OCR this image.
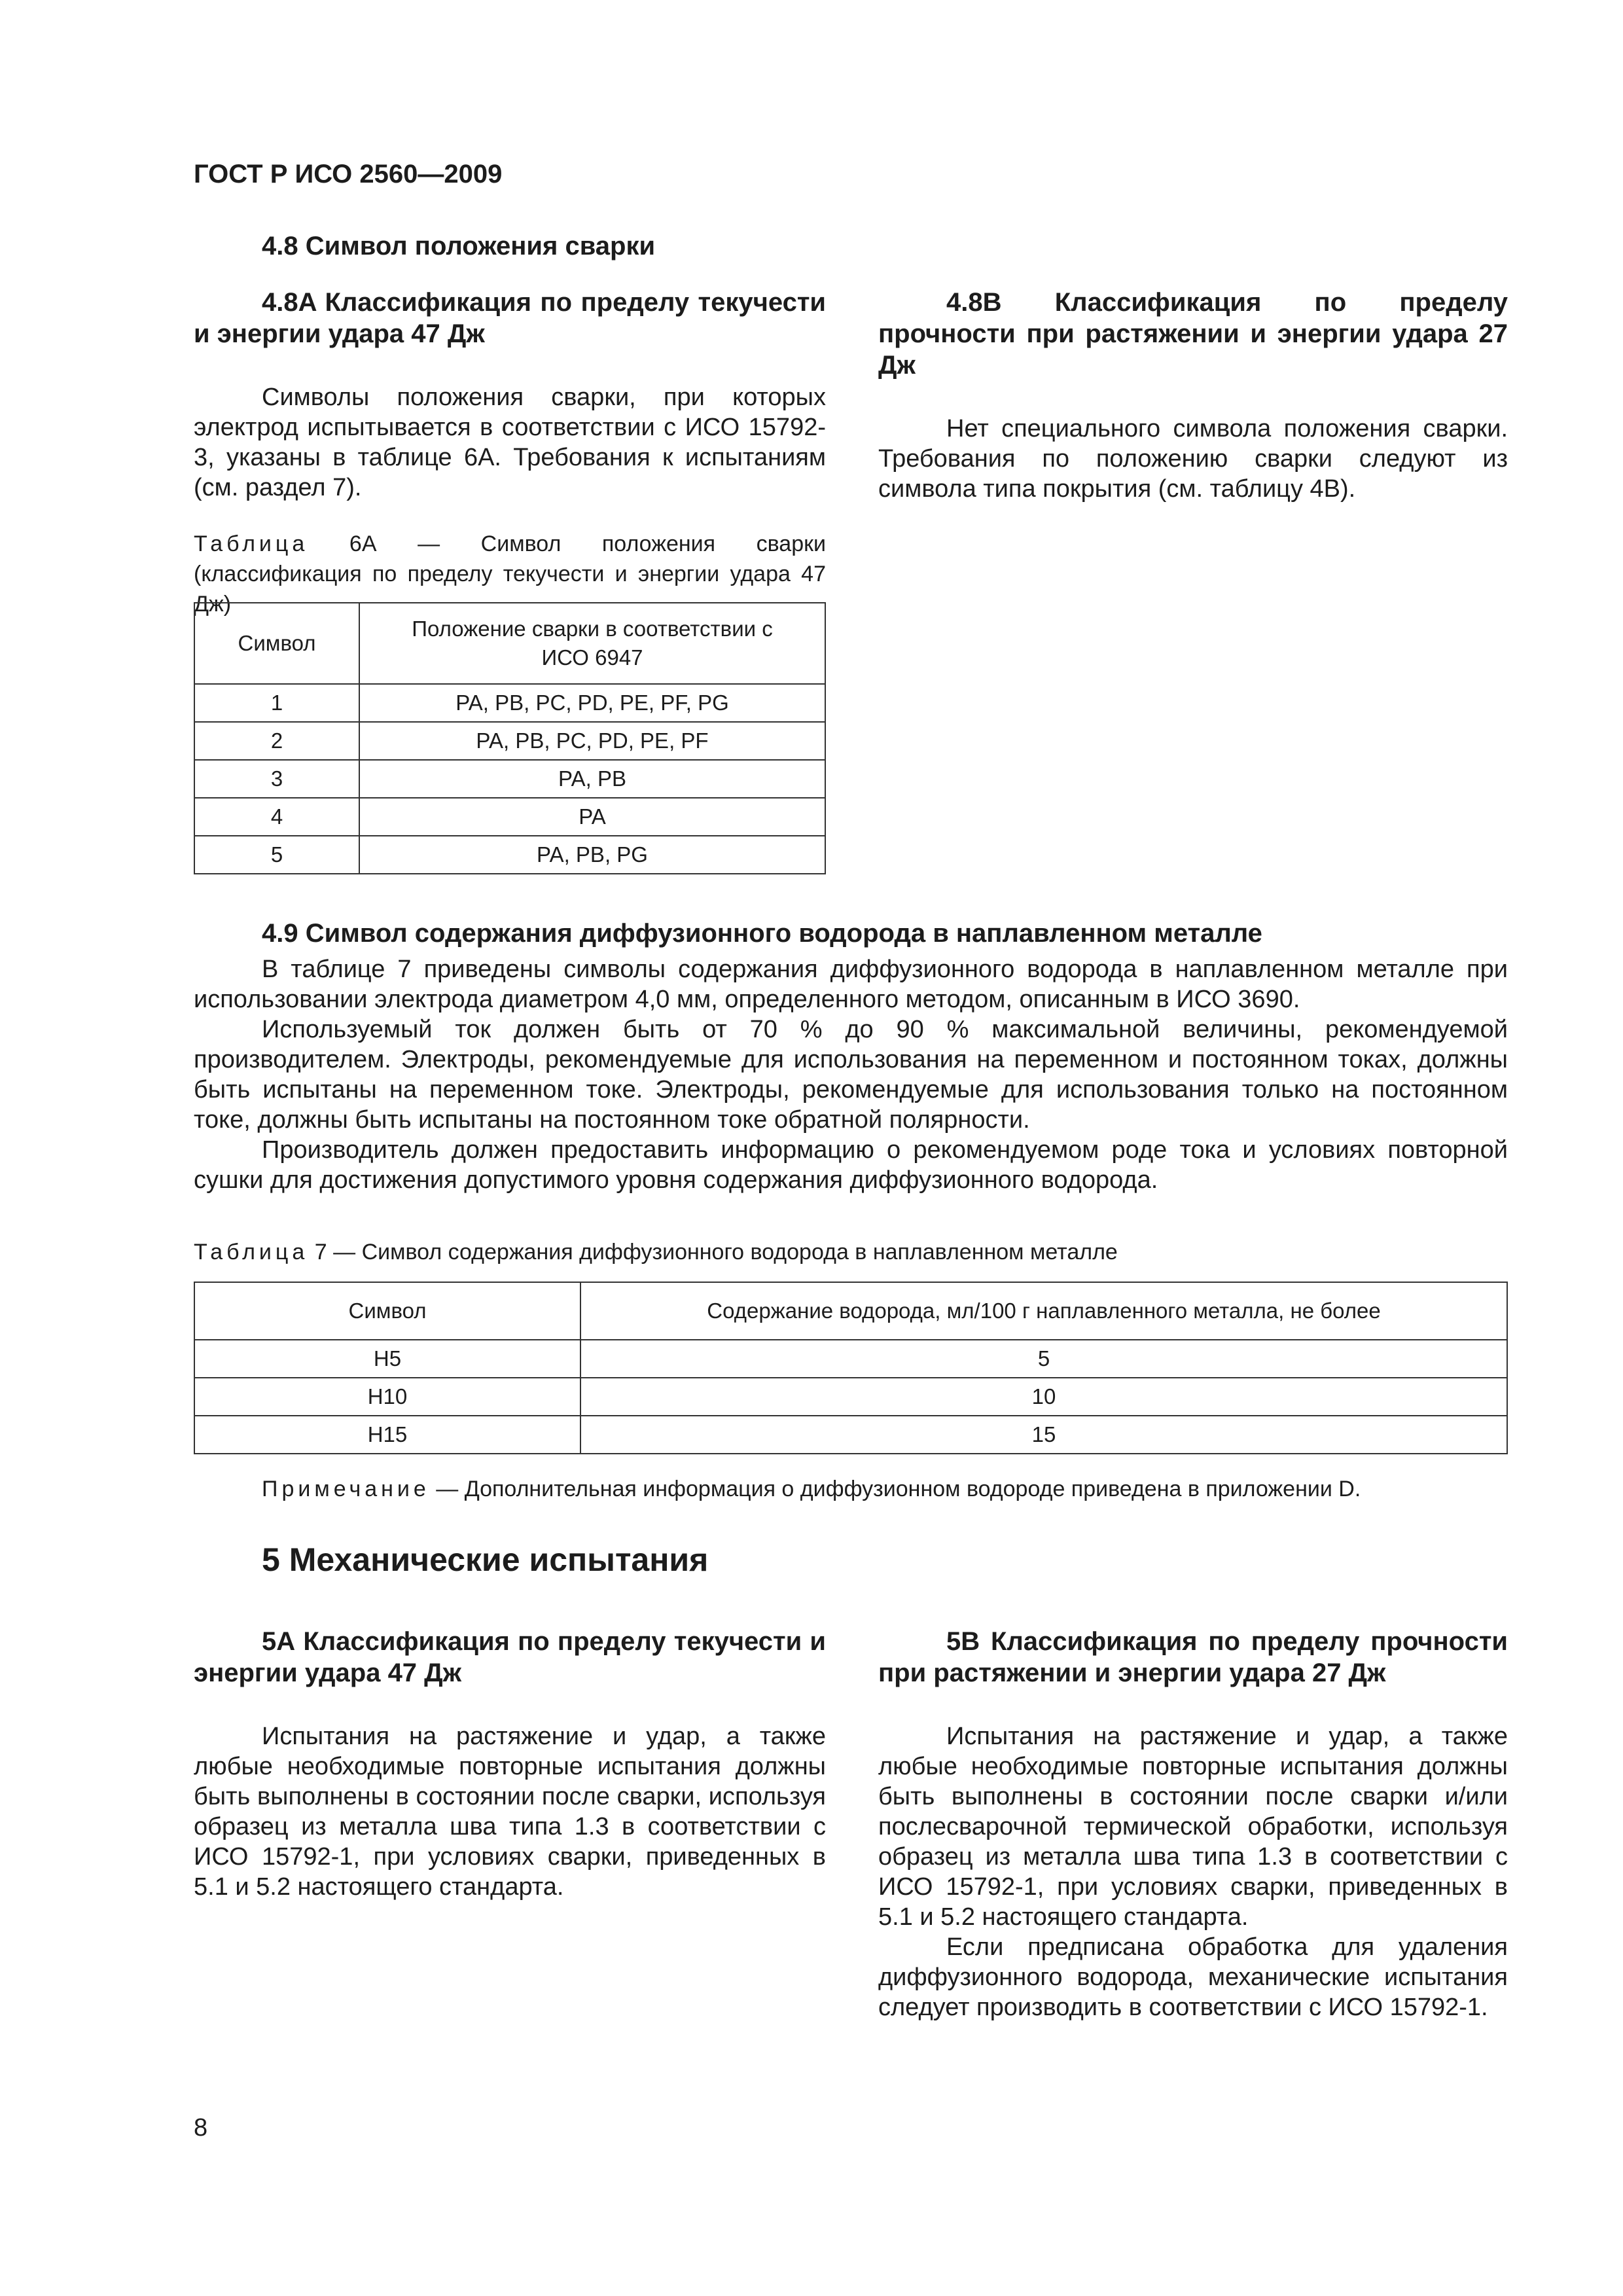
ГОСТ Р ИСО 2560—2009
4.8 Символ положения сварки

4.8A Классификация по пределу текучести и энергии удара 47 Дж

Символы положения сварки, при которых электрод испытывается в соответствии с ИСО 15792-3, указаны в таблице 6А. Требования к испытаниям (см. раздел 7).

4.8B Классификация по пределу прочности при растяжении и энергии удара 27 Дж

Нет специального символа положения сварки. Требования по положению сварки следуют из символа типа покрытия (см. таблицу 4В).

Таблица 6А — Символ положения сварки (классификация по пределу текучести и энергии удара 47 Дж)

Символ	Положение сварки в соответствии с ИСО 6947
1	PA, PB, PC, PD, PE, PF, PG
2	PA, PB, PC, PD, PE, PF
3	PA, PB
4	PA
5	PA, PB, PG

4.9 Символ содержания диффузионного водорода в наплавленном металле

В таблице 7 приведены символы содержания диффузионного водорода в наплавленном металле при использовании электрода диаметром 4,0 мм, определенного методом, описанным в ИСО 3690.

Используемый ток должен быть от 70 % до 90 % максимальной величины, рекомендуемой производителем. Электроды, рекомендуемые для использования на переменном и постоянном токах, должны быть испытаны на переменном токе. Электроды, рекомендуемые для использования только на постоянном токе, должны быть испытаны на постоянном токе обратной полярности.

Производитель должен предоставить информацию о рекомендуемом роде тока и условиях повторной сушки для достижения допустимого уровня содержания диффузионного водорода.

Таблица 7 — Символ содержания диффузионного водорода в наплавленном металле

Символ	Содержание водорода, мл/100 г наплавленного металла, не более
H5	5
H10	10
H15	15

Примечание — Дополнительная информация о диффузионном водороде приведена в приложении D.

5 Механические испытания

5А Классификация по пределу текучести и энергии удара 47 Дж

Испытания на растяжение и удар, а также любые необходимые повторные испытания должны быть выполнены в состоянии после сварки, используя образец из металла шва типа 1.3 в соответствии с ИСО 15792-1, при условиях сварки, приведенных в 5.1 и 5.2 настоящего стандарта.

5В Классификация по пределу прочности при растяжении и энергии удара 27 Дж

Испытания на растяжение и удар, а также любые необходимые повторные испытания должны быть выполнены в состоянии после сварки и/или послесварочной термической обработки, используя образец из металла шва типа 1.3 в соответствии с ИСО 15792-1, при условиях сварки, приведенных в 5.1 и 5.2 настоящего стандарта.

Если предписана обработка для удаления диффузионного водорода, механические испытания следует производить в соответствии с ИСО 15792-1.

8
